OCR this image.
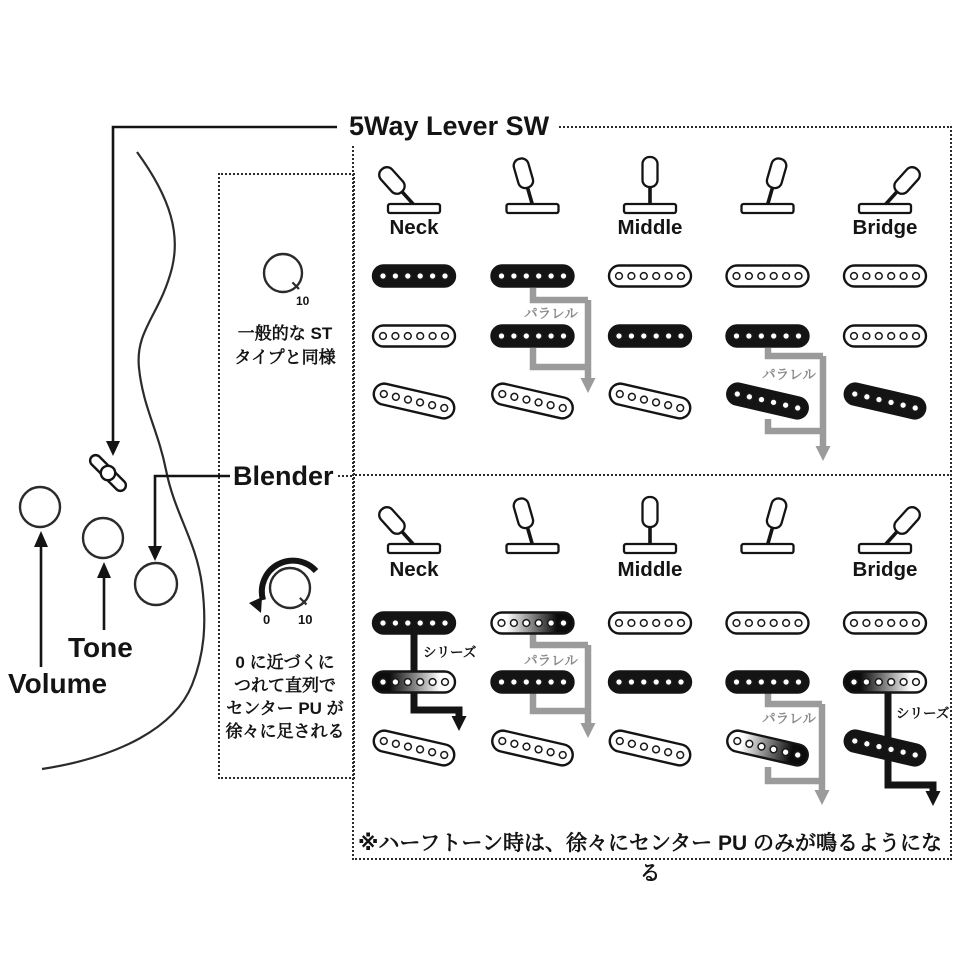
パラレル
パラレル
Neck	Middle	Bridge
シリーズ
パラレル
パラレル	シリーズ
Neck	Middle	Bridge
5Way Lever SW
Volume
Tone
Blender
10
一般的な ST
タイプと同様
0 10
0 に近づくに
つれて直列で
センター PU が
徐々に足される
※ハーフトーン時は、徐々にセンター PU のみが鳴るようになる
